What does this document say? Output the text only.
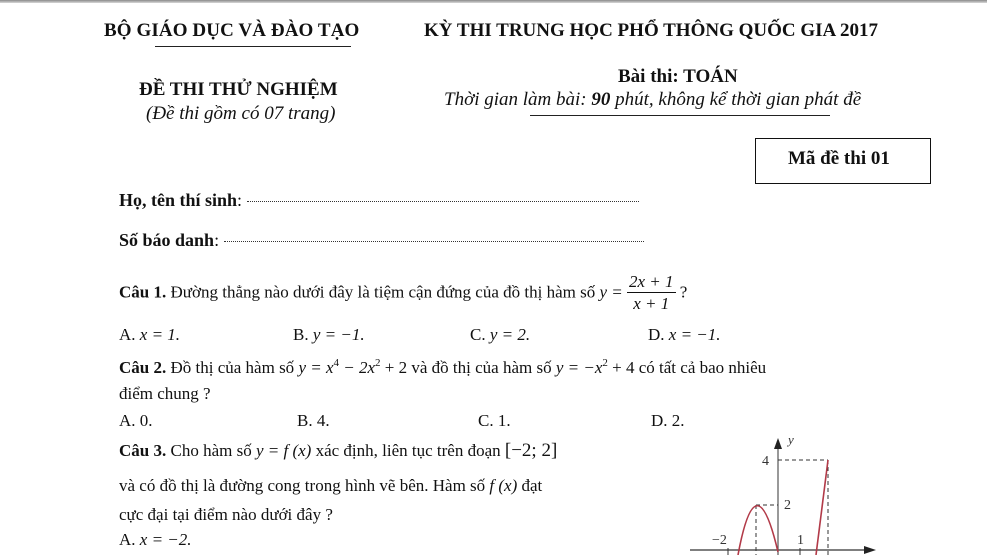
BỘ GIÁO DỤC VÀ ĐÀO TẠO	KỲ THI TRUNG HỌC PHỔ THÔNG QUỐC GIA 2017
ĐỀ THI THỬ NGHIỆM
(Đề thi gồm có 07 trang)
Bài thi: TOÁN
Thời gian làm bài: 90 phút, không kể thời gian phát đề
Mã đề thi 01
Họ, tên thí sinh:
Số báo danh:
Câu 1. Đường thẳng nào dưới đây là tiệm cận đứng của đồ thị hàm số $y = \frac{2x + 1}{x + 1}$ ?
A. x = 1.	B. y = −1.	C. y = 2.	D. x = −1.
Câu 2. Đồ thị của hàm số $y = x^4 - 2x^2 + 2$ và đồ thị của hàm số $y = -x^2 + 4$ có tất cả bao nhiêu
điểm chung ?
A. 0.	B. 4.	C. 1.	D. 2.
Câu 3. Cho hàm số y = f (x) xác định, liên tục trên đoạn [−2; 2]
và có đồ thị là đường cong trong hình vẽ bên. Hàm số f (x) đạt
cực đại tại điểm nào dưới đây ?
A. x = −2.
y
4
2
−2	1
